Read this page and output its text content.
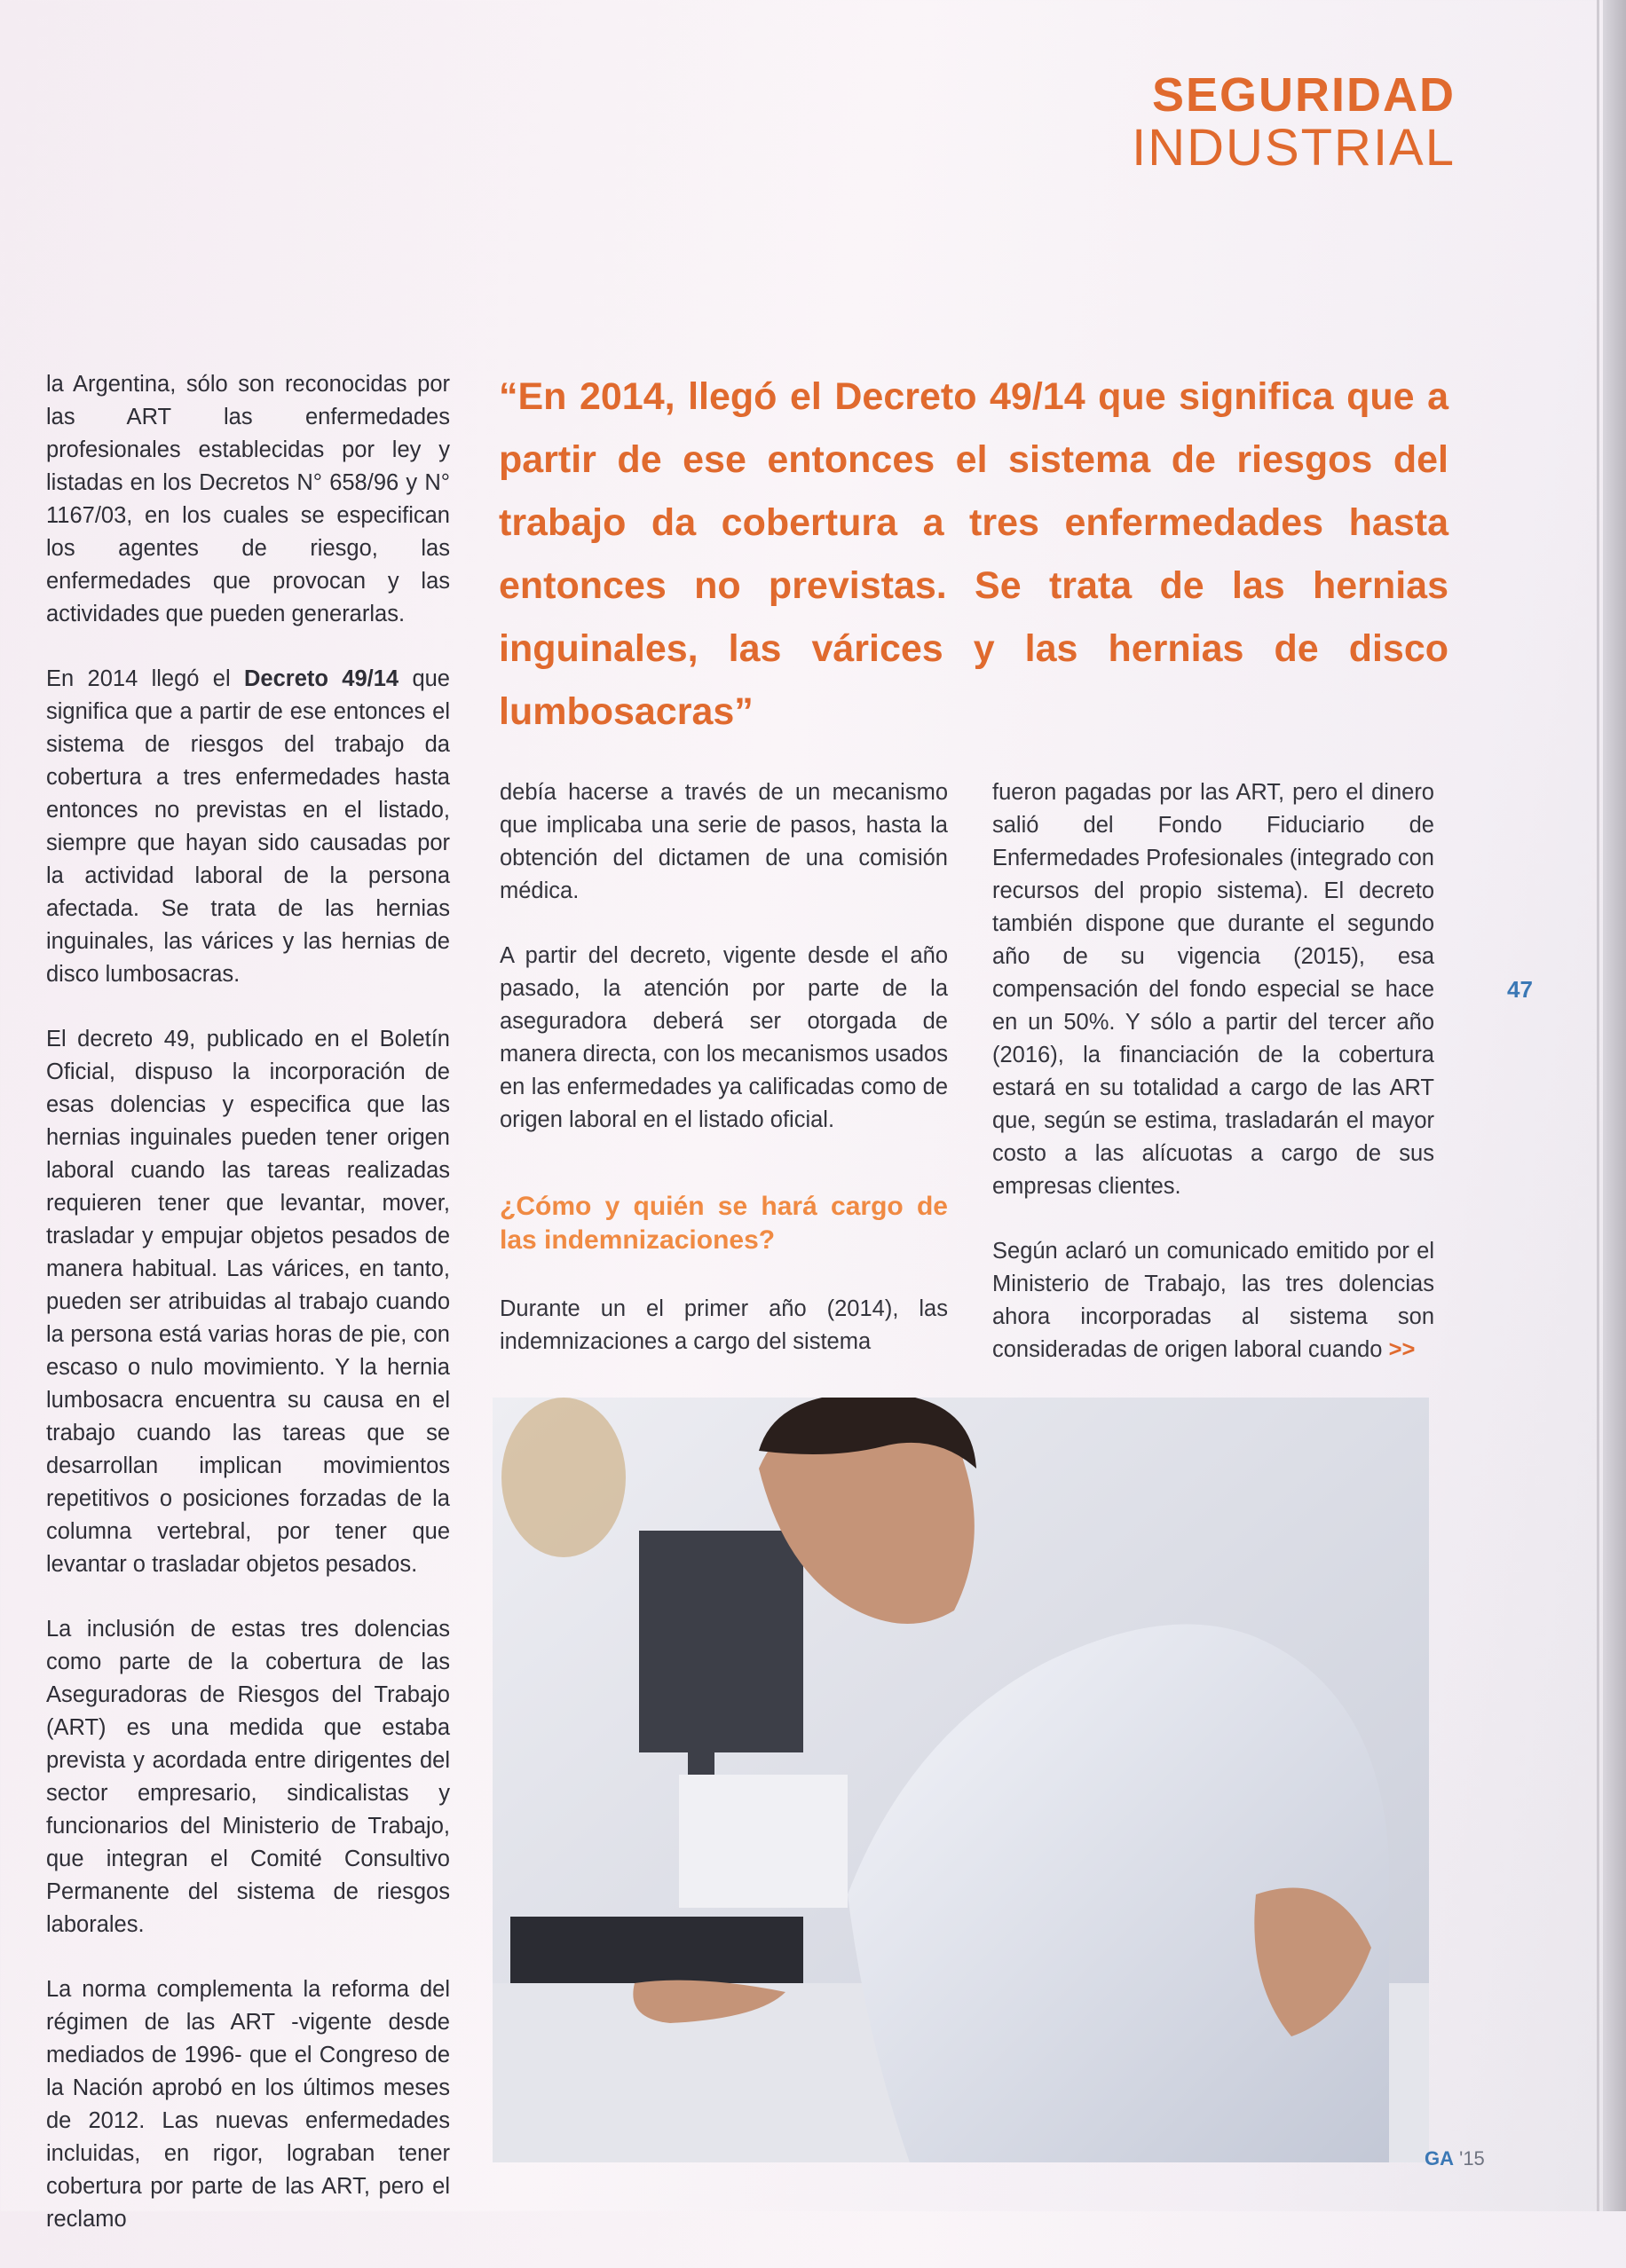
SEGURIDAD
INDUSTRIAL

la Argentina, sólo son reconocidas por las ART las enfermedades profesionales establecidas por ley y listadas en los Decretos N° 658/96 y N° 1167/03, en los cuales se especifican los agentes de riesgo, las enfermedades que provocan y las actividades que pueden generarlas.

En 2014 llegó el Decreto 49/14 que significa que a partir de ese entonces el sistema de riesgos del trabajo da cobertura a tres enfermedades hasta entonces no previstas en el listado, siempre que hayan sido causadas por la actividad laboral de la persona afectada. Se trata de las hernias inguinales, las várices y las hernias de disco lumbosacras.

El decreto 49, publicado en el Boletín Oficial, dispuso la incorporación de esas dolencias y especifica que las hernias inguinales pueden tener origen laboral cuando las tareas realizadas requieren tener que levantar, mover, trasladar y empujar objetos pesados de manera habitual. Las várices, en tanto, pueden ser atribuidas al trabajo cuando la persona está varias horas de pie, con escaso o nulo movimiento. Y la hernia lumbosacra encuentra su causa en el trabajo cuando las tareas que se desarrollan implican movimientos repetitivos o posiciones forzadas de la columna vertebral, por tener que levantar o trasladar objetos pesados.

La inclusión de estas tres dolencias como parte de la cobertura de las Aseguradoras de Riesgos del Trabajo (ART) es una medida que estaba prevista y acordada entre dirigentes del sector empresario, sindicalistas y funcionarios del Ministerio de Trabajo, que integran el Comité Consultivo Permanente del sistema de riesgos laborales.

La norma complementa la reforma del régimen de las ART -vigente desde mediados de 1996- que el Congreso de la Nación aprobó en los últimos meses de 2012. Las nuevas enfermedades incluidas, en rigor, lograban tener cobertura por parte de las ART, pero el reclamo

“En 2014, llegó el Decreto 49/14 que significa que a partir de ese entonces el sistema de riesgos del trabajo da cobertura a tres enfermedades hasta entonces no previstas. Se trata de las hernias inguinales, las várices y las hernias de disco lumbosacras”

debía hacerse a través de un mecanismo que implicaba una serie de pasos, hasta la obtención del dictamen de una comisión médica.

A partir del decreto, vigente desde el año pasado, la atención por parte de la aseguradora deberá ser otorgada de manera directa, con los mecanismos usados en las enfermedades ya calificadas como de origen laboral en el listado oficial.

¿Cómo y quién se hará cargo de las indemnizaciones?

Durante un el primer año (2014), las indemnizaciones a cargo del sistema

fueron pagadas por las ART, pero el dinero salió del Fondo Fiduciario de Enfermedades Profesionales (integrado con recursos del propio sistema). El decreto también dispone que durante el segundo año de su vigencia (2015), esa compensación del fondo especial se hace en un 50%. Y sólo a partir del tercer año (2016), la financiación de la cobertura estará en su totalidad a cargo de las ART que, según se estima, trasladarán el mayor costo a las alícuotas a cargo de sus empresas clientes.

Según aclaró un comunicado emitido por el Ministerio de Trabajo, las tres dolencias ahora incorporadas al sistema son consideradas de origen laboral cuando >>

47
GA '15
